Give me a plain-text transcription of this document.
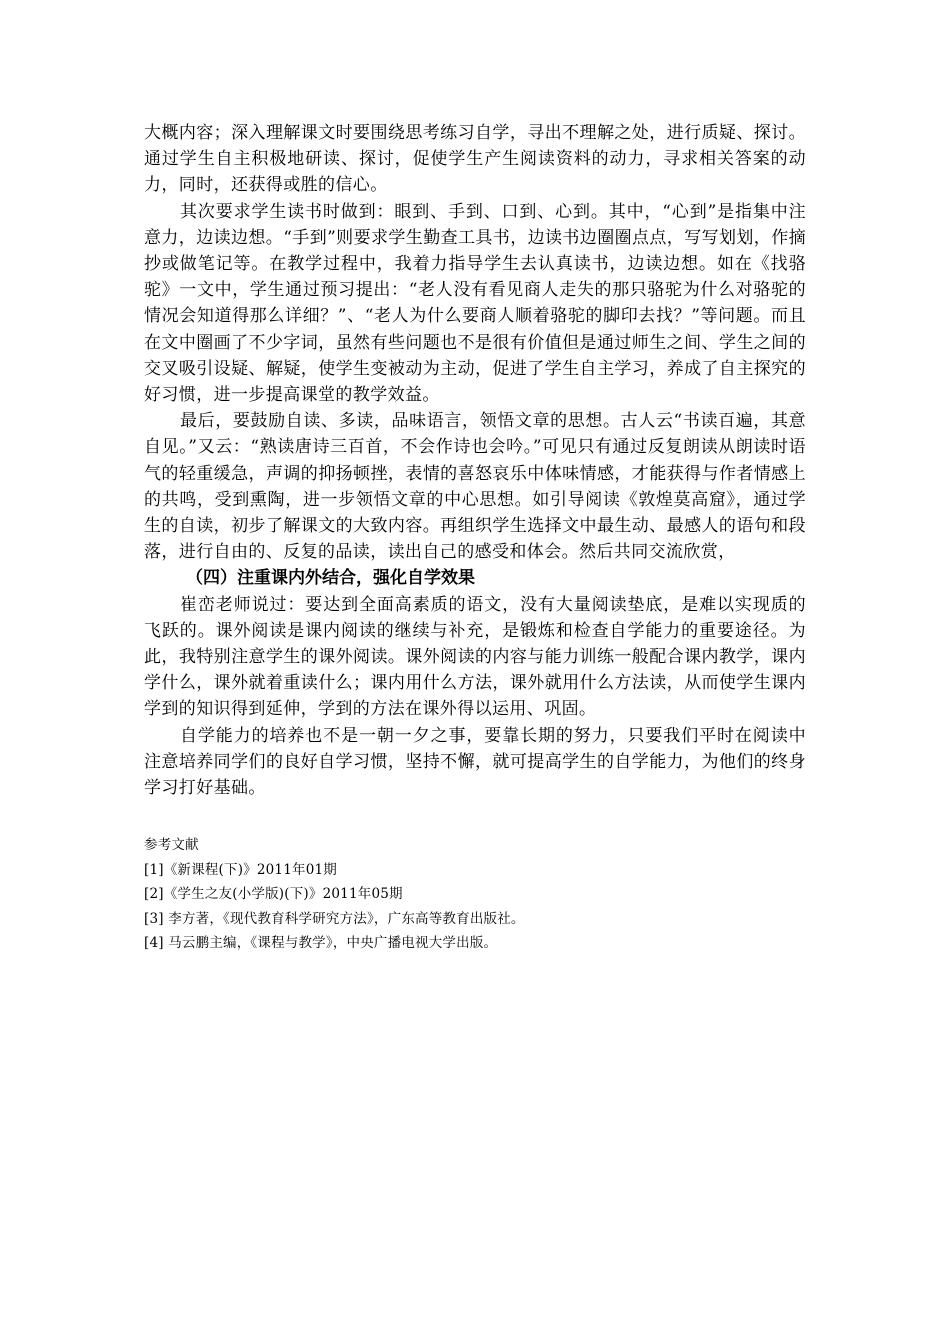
大概内容；深入理解课文时要围绕思考练习自学，寻出不理解之处，进行质疑、探讨。通过学生自主积极地研读、探讨，促使学生产生阅读资料的动力，寻求相关答案的动力，同时，还获得或胜的信心。

其次要求学生读书时做到：眼到、手到、口到、心到。其中，“心到”是指集中注意力，边读边想。“手到”则要求学生勤查工具书，边读书边圈圈点点，写写划划，作摘抄或做笔记等。在教学过程中，我着力指导学生去认真读书，边读边想。如在《找骆驼》一文中，学生通过预习提出：“老人没有看见商人走失的那只骆驼为什么对骆驼的情况会知道得那么详细？”、“老人为什么要商人顺着骆驼的脚印去找？”等问题。而且在文中圈画了不少字词，虽然有些问题也不是很有价值但是通过师生之间、学生之间的交叉吸引设疑、解疑，使学生变被动为主动，促进了学生自主学习，养成了自主探究的好习惯，进一步提高课堂的教学效益。

最后，要鼓励自读、多读，品味语言，领悟文章的思想。古人云“书读百遍，其意自见。”又云：“熟读唐诗三百首，不会作诗也会吟。”可见只有通过反复朗读从朗读时语气的轻重缓急，声调的抑扬顿挫，表情的喜怒哀乐中体味情感，才能获得与作者情感上的共鸣，受到熏陶，进一步领悟文章的中心思想。如引导阅读《敦煌莫高窟》，通过学生的自读，初步了解课文的大致内容。再组织学生选择文中最生动、最感人的语句和段落，进行自由的、反复的品读，读出自己的感受和体会。然后共同交流欣赏，

（四）注重课内外结合，强化自学效果

崔峦老师说过：要达到全面高素质的语文，没有大量阅读垫底，是难以实现质的飞跃的。课外阅读是课内阅读的继续与补充，是锻炼和检查自学能力的重要途径。为此，我特别注意学生的课外阅读。课外阅读的内容与能力训练一般配合课内教学，课内学什么，课外就着重读什么；课内用什么方法，课外就用什么方法读，从而使学生课内学到的知识得到延伸，学到的方法在课外得以运用、巩固。

自学能力的培养也不是一朝一夕之事，要靠长期的努力，只要我们平时在阅读中注意培养同学们的良好自学习惯，坚持不懈，就可提高学生的自学能力，为他们的终身学习打好基础。

参考文献

[1]《新课程(下)》2011年01期

[2]《学生之友(小学版)(下)》2011年05期

[3] 李方著，《现代教育科学研究方法》，广东高等教育出版社。

[4] 马云鹏主编，《课程与教学》，中央广播电视大学出版。
